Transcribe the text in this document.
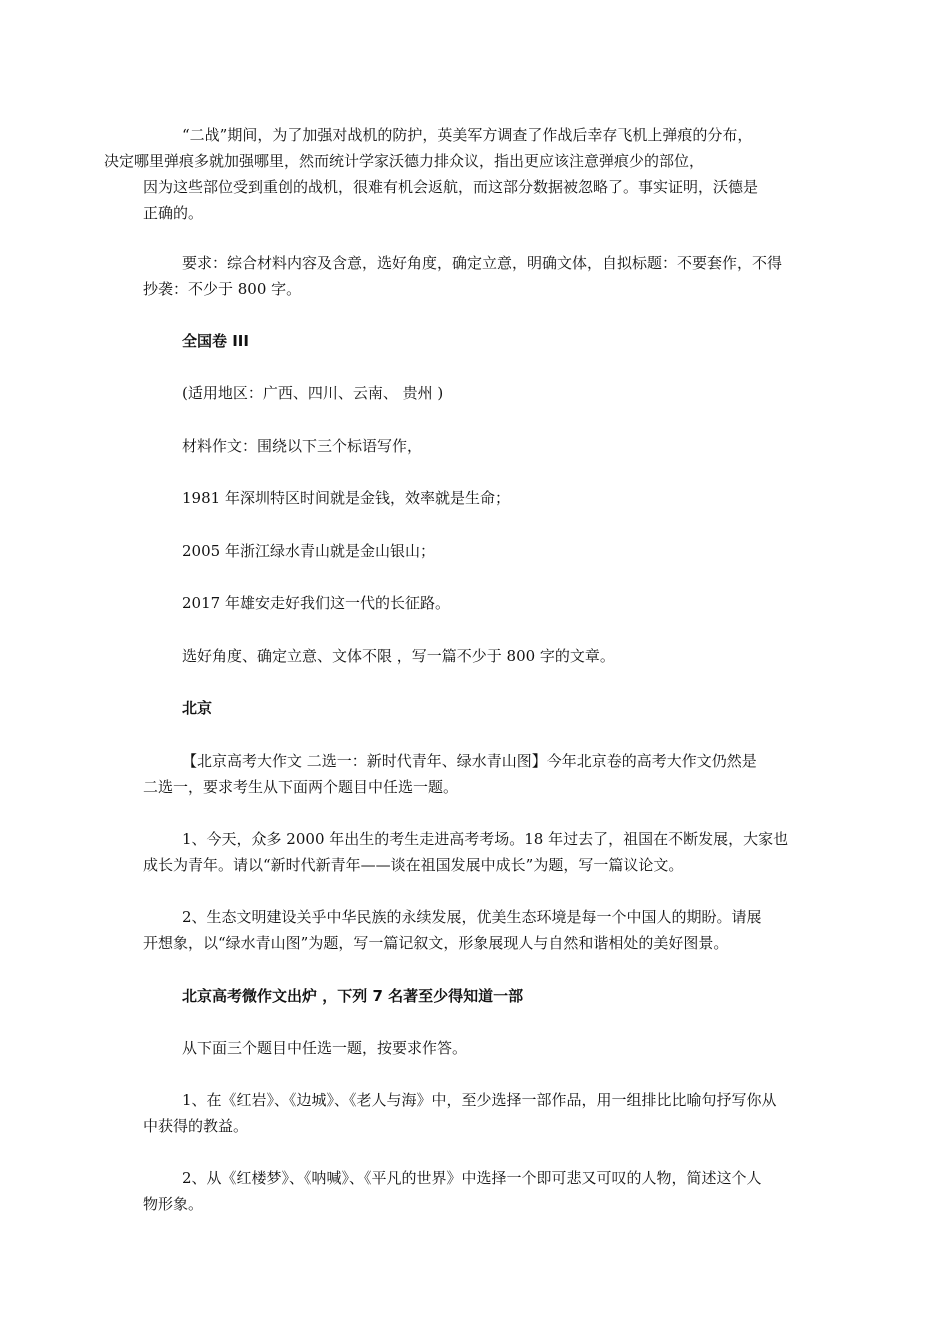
“二战”期间，为了加强对战机的防护，英美军方调查了作战后幸存飞机上弹痕的分布，
决定哪里弹痕多就加强哪里，然而统计学家沃德力排众议，指出更应该注意弹痕少的部位，
因为这些部位受到重创的战机，很难有机会返航，而这部分数据被忽略了。事实证明，沃德是
正确的。

要求：综合材料内容及含意，选好角度，确定立意，明确文体，自拟标题：不要套作，不得
抄袭：不少于 800 字。

全国卷 III

(适用地区：广西、四川、云南、 贵州 )

材料作文：围绕以下三个标语写作，

1981 年深圳特区时间就是金钱，效率就是生命；

2005 年浙江绿水青山就是金山银山；

2017 年雄安走好我们这一代的长征路。

选好角度、确定立意、文体不限 ，写一篇不少于 800 字的文章。

北京

【北京高考大作文 二选一：新时代青年、绿水青山图】今年北京卷的高考大作文仍然是
二选一，要求考生从下面两个题目中任选一题。

1、今天，众多 2000 年出生的考生走进高考考场。18 年过去了，祖国在不断发展，大家也
成长为青年。请以“新时代新青年——谈在祖国发展中成长”为题，写一篇议论文。

2、生态文明建设关乎中华民族的永续发展，优美生态环境是每一个中国人的期盼。请展
开想象，以“绿水青山图”为题，写一篇记叙文，形象展现人与自然和谐相处的美好图景。

北京高考微作文出炉 ，下列 7 名著至少得知道一部

从下面三个题目中任选一题，按要求作答。

1、在《红岩》、《边城》、《老人与海》中，至少选择一部作品，用一组排比比喻句抒写你从
中获得的教益。

2、从《红楼梦》、《呐喊》、《平凡的世界》中选择一个即可悲又可叹的人物，简述这个人
物形象。
